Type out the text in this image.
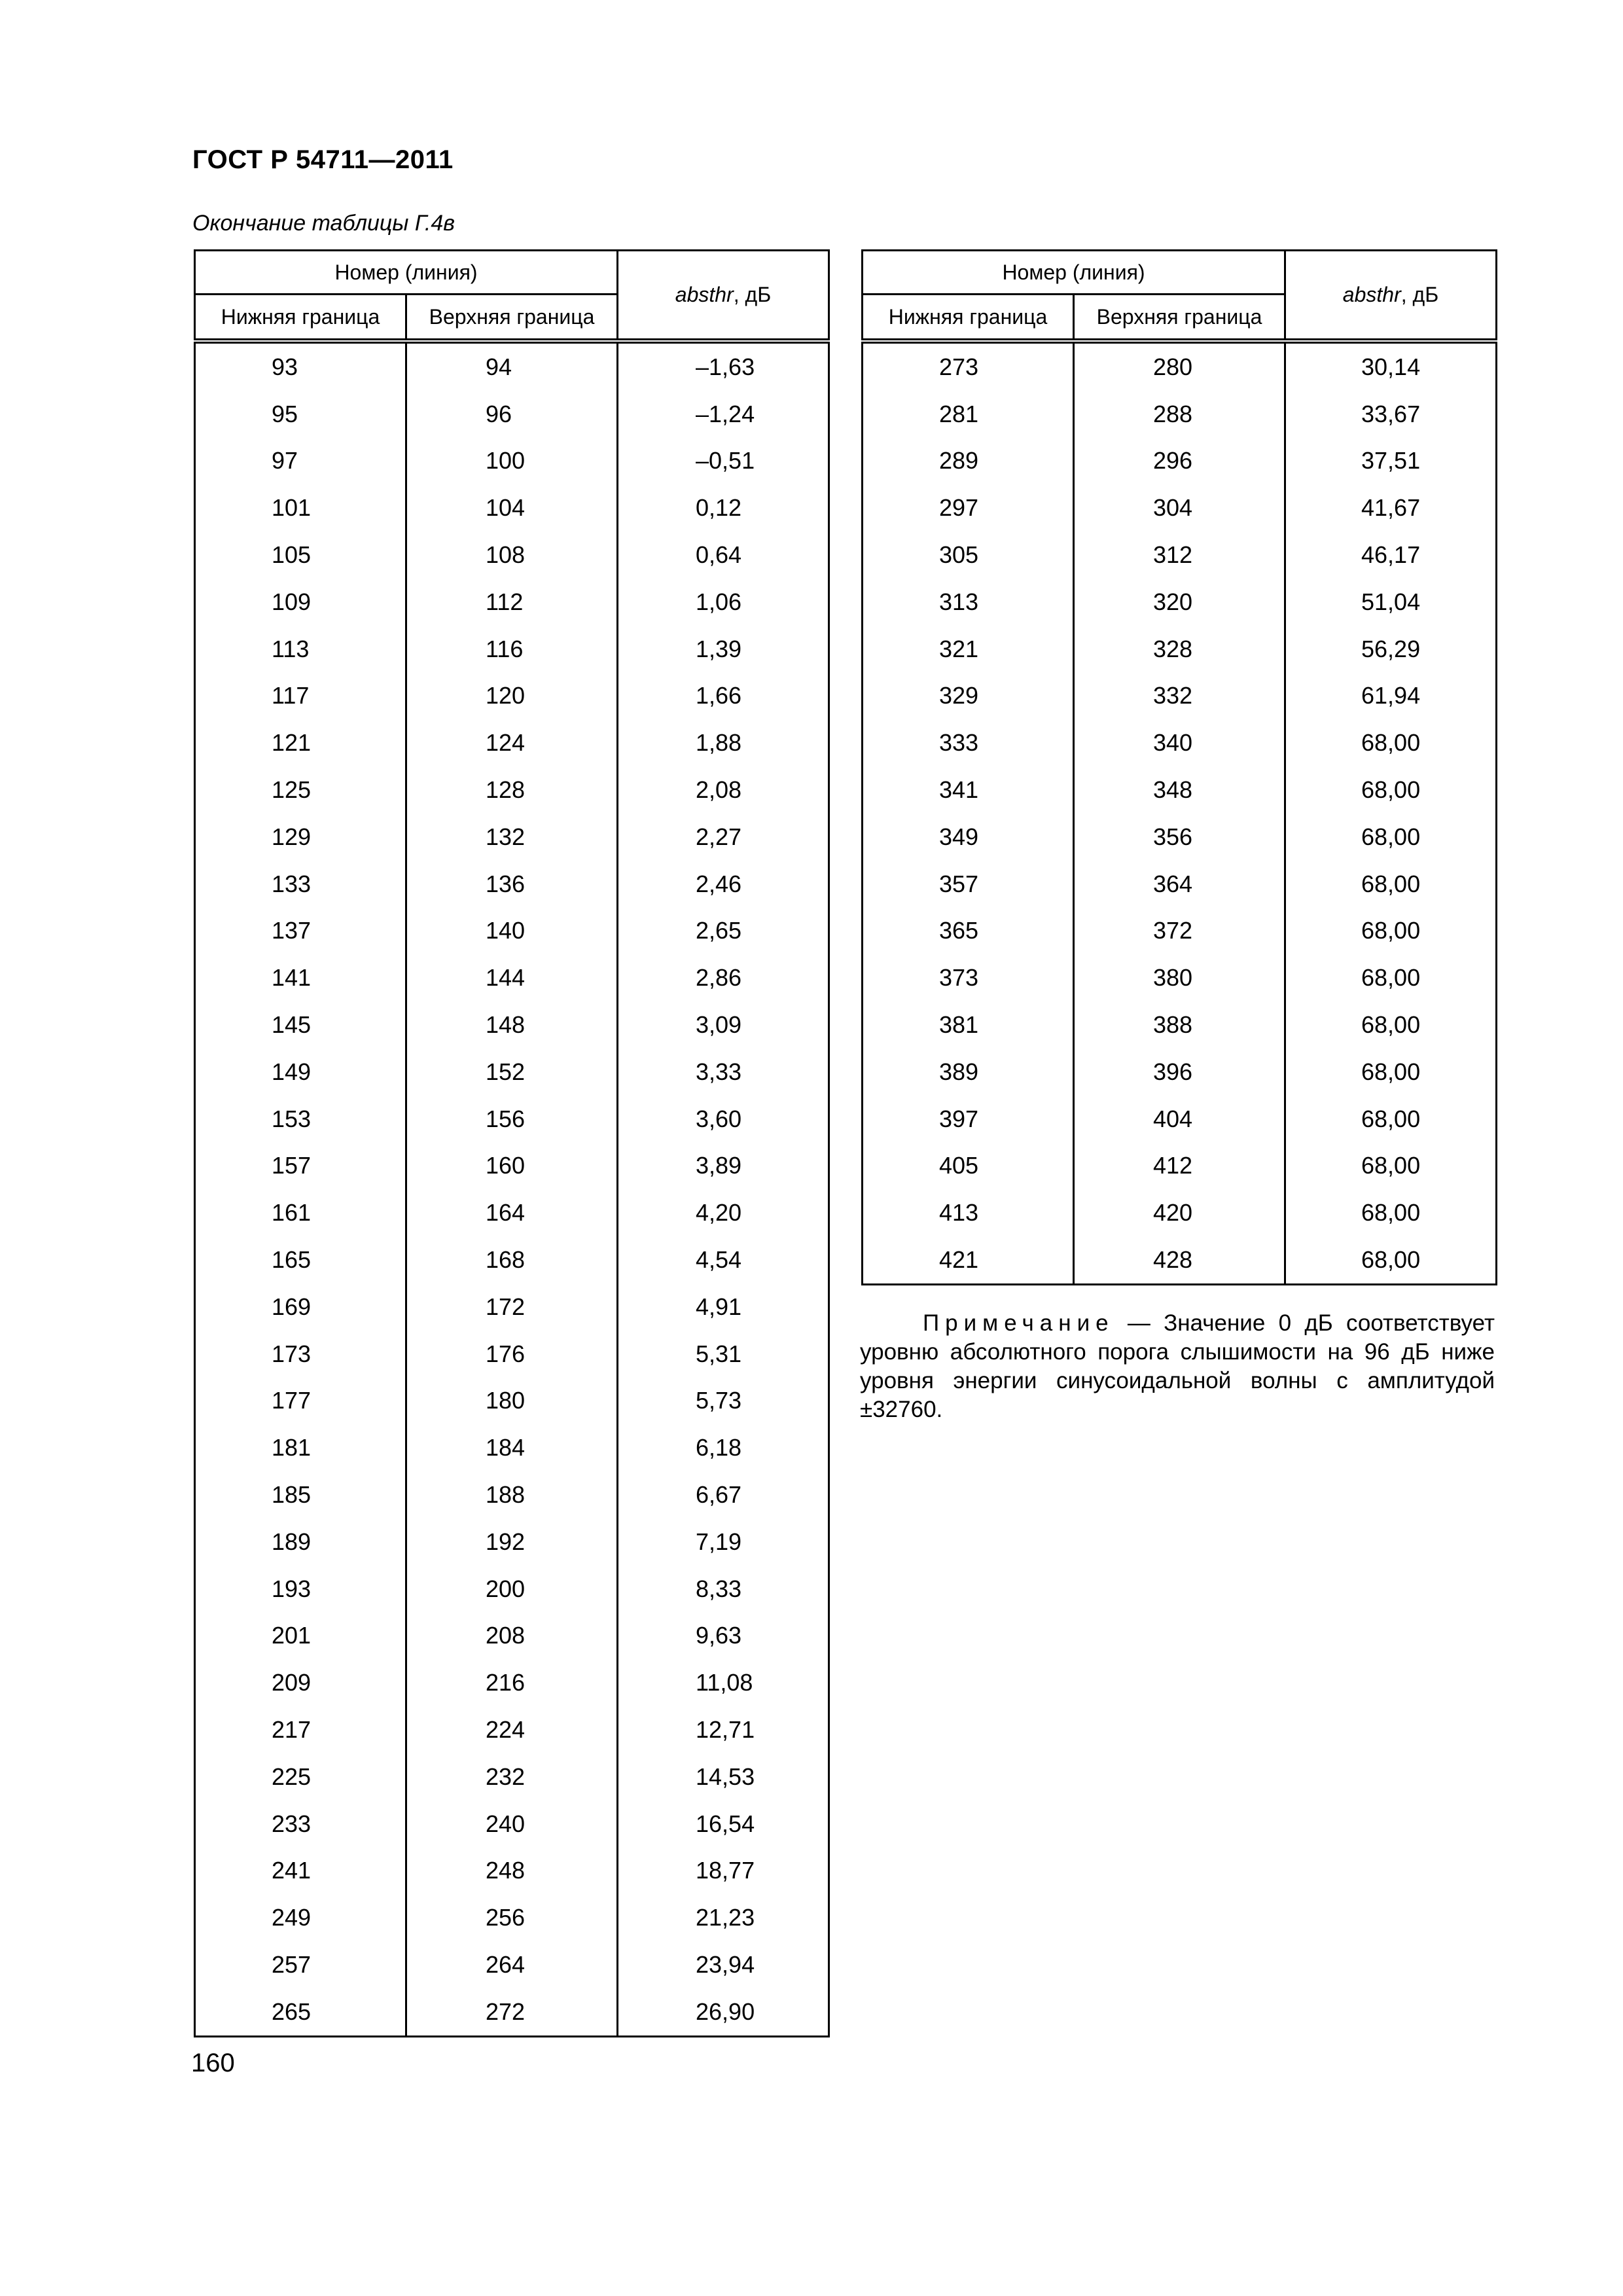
ГОСТ Р 54711—2011
Окончание таблицы Г.4в
Номер (линия)		absthr, дБ
Нижняя граница	Верхняя граница	
93	94	–1,63
95	96	–1,24
97	100	–0,51
101	104	0,12
105	108	0,64
109	112	1,06
113	116	1,39
117	120	1,66
121	124	1,88
125	128	2,08
129	132	2,27
133	136	2,46
137	140	2,65
141	144	2,86
145	148	3,09
149	152	3,33
153	156	3,60
157	160	3,89
161	164	4,20
165	168	4,54
169	172	4,91
173	176	5,31
177	180	5,73
181	184	6,18
185	188	6,67
189	192	7,19
193	200	8,33
201	208	9,63
209	216	11,08
217	224	12,71
225	232	14,53
233	240	16,54
241	248	18,77
249	256	21,23
257	264	23,94
265	272	26,90
Номер (линия)		absthr, дБ
Нижняя граница	Верхняя граница	
273	280	30,14
281	288	33,67
289	296	37,51
297	304	41,67
305	312	46,17
313	320	51,04
321	328	56,29
329	332	61,94
333	340	68,00
341	348	68,00
349	356	68,00
357	364	68,00
365	372	68,00
373	380	68,00
381	388	68,00
389	396	68,00
397	404	68,00
405	412	68,00
413	420	68,00
421	428	68,00
Примечание — Значение 0 дБ соответствует уровню абсолютного порога слышимости на 96 дБ ниже уровня энергии синусоидальной волны с амплитудой ±32760.
160
